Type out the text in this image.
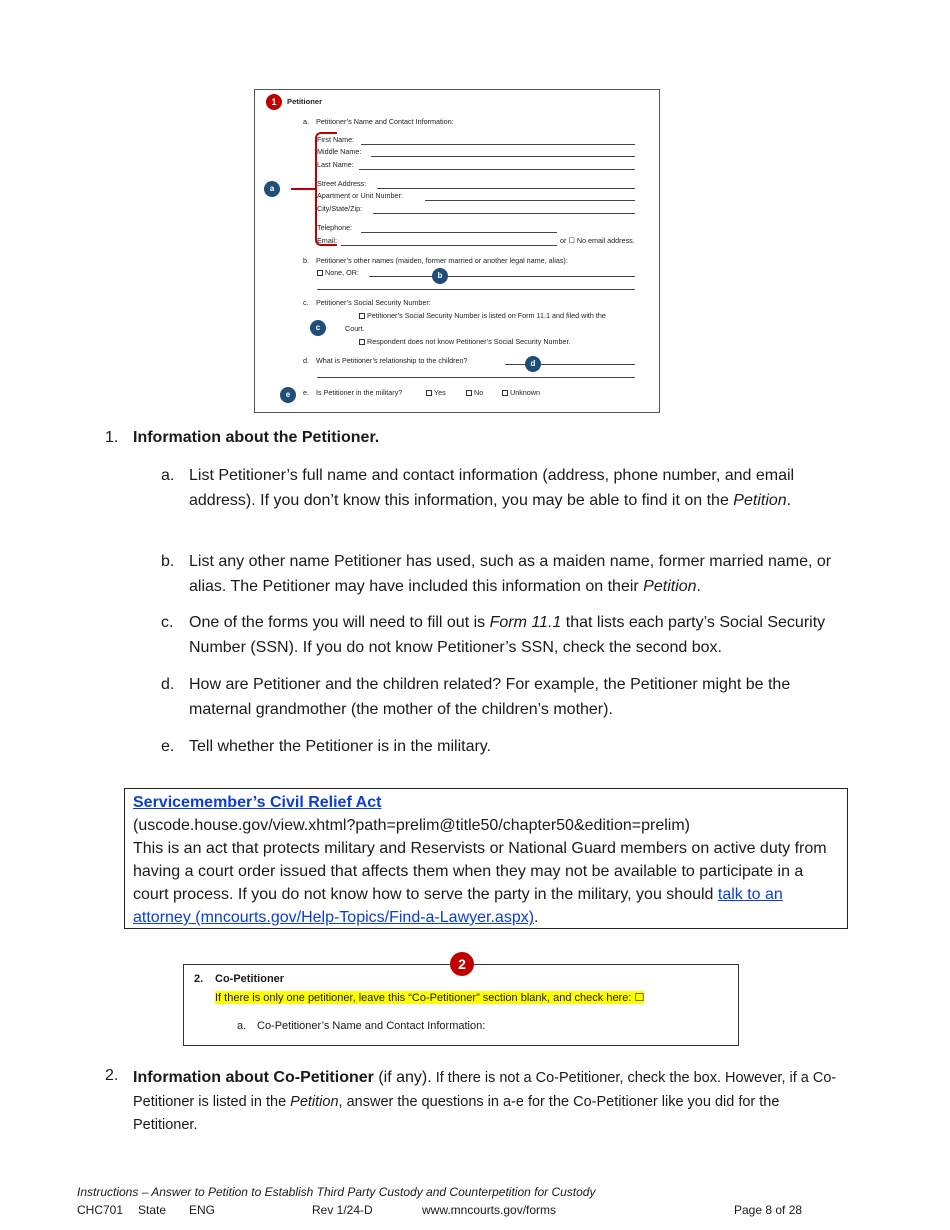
1	Petitioner
a. Petitioner’s Name and Contact Information:
a
First Name:
Middle Name:
Last Name:
Street Address:
Apartment or Unit Number:
City/State/Zip:
Telephone:
Email:	or ☐ No email address.
b. Petitioner’s other names (maiden, former married or another legal name, alias):
None, OR:	b
c. Petitioner’s Social Security Number:
Petitioner’s Social Security Number is listed on Form 11.1 and filed with the
Court.
Respondent does not know Petitioner’s Social Security Number.
c
d. What is Petitioner’s relationship to the children?	d
e	e. Is Petitioner in the military?	Yes	No	Unknown
1. Information about the Petitioner.
a. List Petitioner’s full name and contact information (address, phone number, and email address). If you don’t know this information, you may be able to find it on the Petition.
b. List any other name Petitioner has used, such as a maiden name, former married name, or alias. The Petitioner may have included this information on their Petition.
c. One of the forms you will need to fill out is Form 11.1 that lists each party’s Social Security Number (SSN). If you do not know Petitioner’s SSN, check the second box.
d. How are Petitioner and the children related? For example, the Petitioner might be the maternal grandmother (the mother of the children’s mother).
e. Tell whether the Petitioner is in the military.
Servicemember’s Civil Relief Act
(uscode.house.gov/view.xhtml?path=prelim@title50/chapter50&edition=prelim)
This is an act that protects military and Reservists or National Guard members on active duty from having a court order issued that affects them when they may not be available to participate in a court process. If you do not know how to serve the party in the military, you should talk to an attorney (mncourts.gov/Help-Topics/Find-a-Lawyer.aspx).
2
2. Co-Petitioner
If there is only one petitioner, leave this “Co-Petitioner” section blank, and check here: ☐
a. Co-Petitioner’s Name and Contact Information:
2. Information about Co-Petitioner (if any). If there is not a Co-Petitioner, check the box. However, if a Co-Petitioner is listed in the Petition, answer the questions in a-e for the Co-Petitioner like you did for the Petitioner.
Instructions – Answer to Petition to Establish Third Party Custody and Counterpetition for Custody
CHC701 State ENG	Rev 1/24-D	www.mncourts.gov/forms	Page 8 of 28
